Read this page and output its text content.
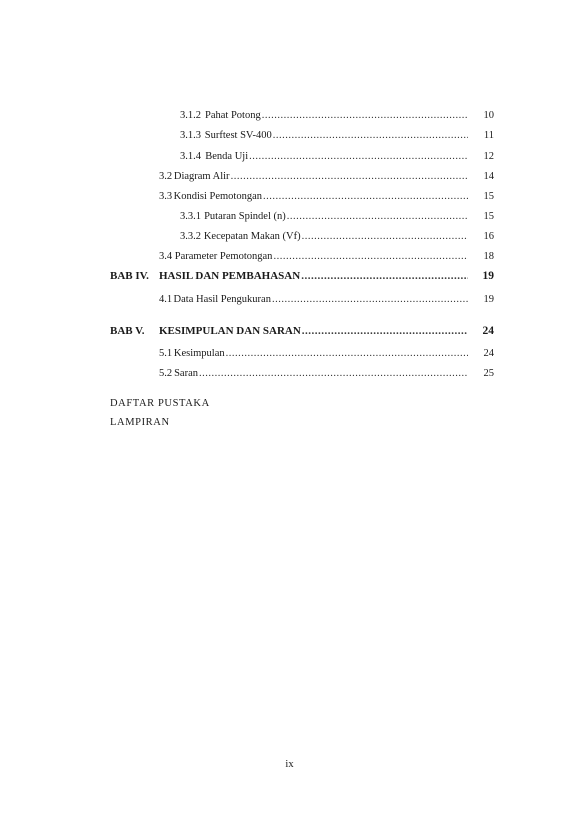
3.1.2 Pahat Potong .....	10
3.1.3 Surftest SV-400 .....	11
3.1.4 Benda Uji .....	12
3.2 Diagram Alir .....	14
3.3 Kondisi Pemotongan .....	15
3.3.1 Putaran Spindel (n) .....	15
3.3.2 Kecepatan Makan (Vf) .....	16
3.4 Parameter Pemotongan .....	18
BAB IV. HASIL DAN PEMBAHASAN .....	19
4.1 Data Hasil Pengukuran .....	19
BAB V.	KESIMPULAN DAN SARAN .....	24
5.1 Kesimpulan .....	24
5.2 Saran .....	25
DAFTAR PUSTAKA
LAMPIRAN
ix
